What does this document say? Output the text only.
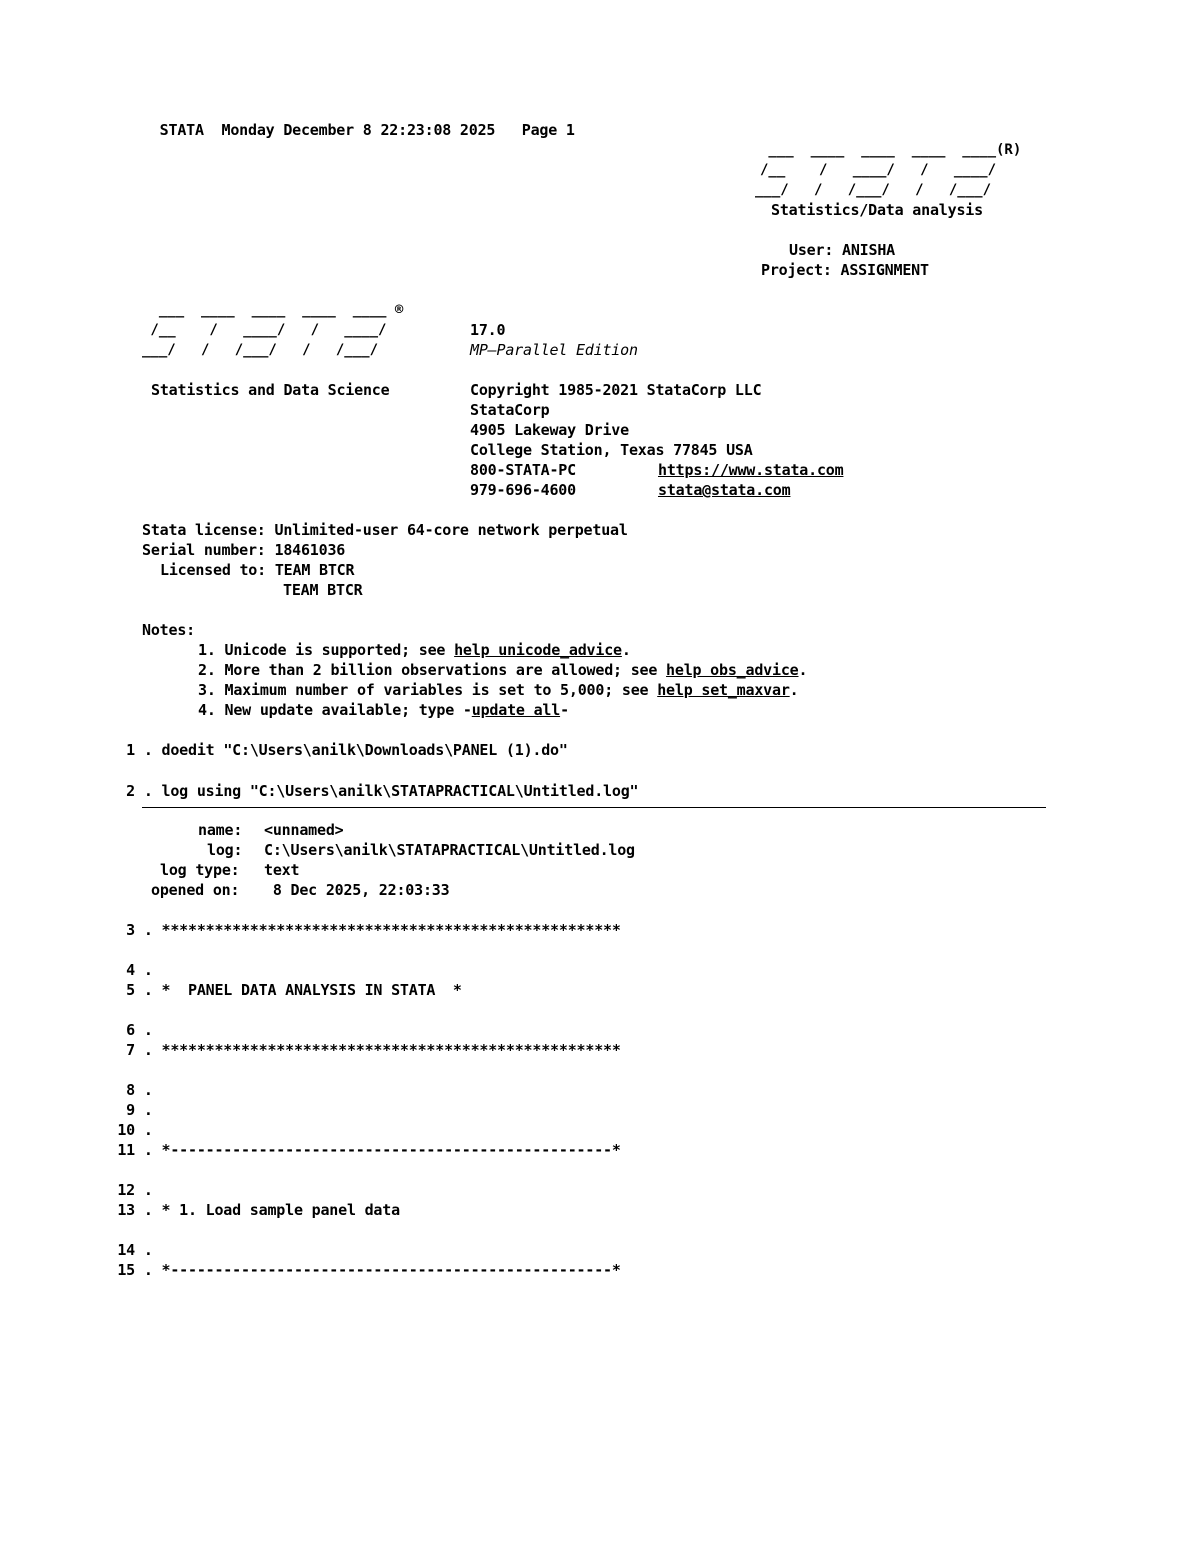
STATA Monday December 8 22:23:08 2025 Page 1

___  ____  ____  ____  ____(R)
/__    /   ____/   /   ____/
___/   /   /___/   /   /___/
Statistics/Data analysis
User: ANISHA
Project: ASSIGNMENT
___  ____  ____  ____  ____ ®
/__    /   ____/   /   ____/
___/   /   /___/   /   /___/
Statistics and Data Science
17.0
MP—Parallel Edition
Copyright 1985-2021 StataCorp LLC
StataCorp
4905 Lakeway Drive
College Station, Texas 77845 USA
800-STATA-PC	https://www.stata.com
979-696-4600	stata@stata.com
Stata license: Unlimited-user 64-core network perpetual
Serial number: 18461036
Licensed to: TEAM BTCR
TEAM BTCR
Notes:
1. Unicode is supported; see help unicode_advice.
2. More than 2 billion observations are allowed; see help obs_advice.
3. Maximum number of variables is set to 5,000; see help set_maxvar.
4. New update available; type -update all-
1 . doedit "C:\Users\anilk\Downloads\PANEL (1).do"
2 . log using "C:\Users\anilk\STATAPRACTICAL\Untitled.log"
name: <unnamed>
log: C:\Users\anilk\STATAPRACTICAL\Untitled.log
log type: text
opened on: 8 Dec 2025, 22:03:33
3 . ****************************************************
4 .
5 . *  PANEL DATA ANALYSIS IN STATA  *
6 .
7 . ****************************************************
8 .
9 .
10 .
11 . *--------------------------------------------------*
12 .
13 . * 1. Load sample panel data
14 .
15 . *--------------------------------------------------*
